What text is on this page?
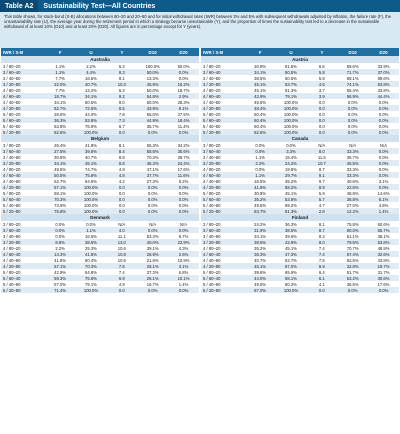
Table A2	Sustainability Test—All Countries
This table shows, for stock-bond (S-B) allocations between 80–20 and 20–80 and for initial withdrawal rates (IWR) between 3% and 5% with subsequent withdrawals adjusted by inflation, the failure rate (F), the unsustainability rate (U), the average year during the retirement period in which a strategy became unsustainable (Y), and the proportion of times the sustainability test led to a decrease in the sustainable withdrawal of at least 10% (D10) and at least 20% (D20). All figures are in percentage except for Y (years).
IWR / S-B	F	U	Y	D10	D20
Australia
3 / 80–20	1.1%	2.2%	5.3	100.0%	50.0%
3 / 60–40	1.1%	4.4%	8.3	50.0%	0.0%
3 / 40–60	7.7%	16.5%	9.1	13.3%	0.0%
3 / 20–80	22.0%	40.7%	10.3	45.9%	16.2%
4 / 80–20	7.7%	13.2%	5.3	50.0%	16.7%
4 / 60–40	18.7%	34.1%	9.2	54.8%	2.9%
4 / 40–60	34.1%	50.5%	9.0	50.0%	28.3%
4 / 20–80	52.7%	72.5%	8.5	43.9%	9.1%
5 / 80–20	28.6%	44.0%	7.8	55.0%	27.5%
5 / 60–40	36.3%	53.8%	7.3	44.9%	18.4%
5 / 40–60	53.8%	76.9%	6.7	35.7%	11.4%
5 / 20–80	62.6%	100.0%	0.0	0.0%	0.0%
Belgium
3 / 80–20	26.4%	41.8%	8.1	55.3%	34.2%
3 / 60–40	27.5%	39.6%	8.4	55.6%	30.6%
3 / 40–60	30.8%	40.7%	8.8	70.3%	29.7%
3 / 20–80	34.1%	45.1%	8.6	46.3%	24.4%
4 / 80–20	49.5%	74.7%	4.9	47.1%	17.6%
4 / 60–40	50.5%	75.8%	4.8	37.7%	11.6%
4 / 40–60	52.7%	84.6%	4.2	27.3%	5.2%
4 / 20–80	57.1%	100.0%	0.0	0.0%	0.0%
5 / 80–20	68.1%	100.0%	0.0	0.0%	0.0%
5 / 60–40	70.3%	100.0%	0.0	0.0%	0.0%
5 / 40–60	73.6%	100.0%	0.0	0.0%	0.0%
5 / 20–80	75.8%	100.0%	0.0	0.0%	0.0%
Denmark
3 / 80–20	0.0%	0.0%	N/A	N/A	N/A
3 / 60–40	0.0%	1.1%	4.0	0.0%	0.0%
3 / 40–60	0.0%	16.5%	11.1	53.3%	6.7%
3 / 20–80	8.8%	38.5%	13.0	40.0%	22.9%
4 / 80–20	2.2%	25.3%	10.6	39.1%	4.3%
4 / 60–40	14.3%	41.8%	10.8	28.9%	2.6%
4 / 40–60	41.8%	60.4%	10.6	21.8%	10.9%
4 / 20–80	57.1%	70.3%	7.5	28.1%	3.1%
5 / 80–20	42.9%	64.8%	7.4	37.3%	6.8%
5 / 60–40	59.3%	75.8%	6.9	26.1%	10.1%
5 / 40–60	67.0%	79.1%	4.9	16.7%	1.4%
5 / 20–80	71.4%	100.0%	0.0	0.0%	0.0%
IWR / S-B	F	U	Y	D10	D20
Austria
3 / 80–20	30.8%	61.5%	6.6	69.6%	33.9%
3 / 60–40	34.1%	50.5%	5.8	71.7%	37.0%
3 / 40–60	38.5%	50.5%	5.8	89.1%	69.6%
3 / 20–80	45.1%	63.7%	4.6	74.1%	63.8%
4 / 80–20	45.1%	81.3%	3.7	55.4%	33.8%
4 / 60–40	42.9%	79.1%	3.9	56.9%	44.4%
4 / 40–60	49.5%	100.0%	0.0	0.0%	0.0%
4 / 20–80	48.4%	100.0%	0.0	0.0%	0.0%
5 / 80–20	60.4%	100.0%	0.0	0.0%	0.0%
5 / 60–40	60.4%	100.0%	0.0	0.0%	0.0%
5 / 40–60	60.4%	100.0%	0.0	0.0%	0.0%
5 / 20–80	62.6%	100.0%	0.0	0.0%	0.0%
Canada
3 / 80–20	0.0%	0.0%	N/A	N/A	N/A
3 / 60–40	0.0%	3.3%	8.0	33.3%	0.0%
3 / 40–60	1.1%	15.4%	11.5	35.7%	0.0%
3 / 20–80	2.2%	24.2%	10.7	45.5%	0.0%
4 / 80–20	0.0%	19.8%	8.7	33.3%	0.0%
4 / 60–40	1.1%	29.7%	9.1	33.3%	0.0%
4 / 40–60	16.5%	35.2%	9.7	40.6%	3.1%
4 / 20–80	41.8%	58.2%	8.9	22.6%	0.0%
5 / 80–20	30.8%	45.1%	5.9	48.8%	14.6%
5 / 60–40	35.2%	53.8%	5.7	36.8%	6.1%
5 / 40–60	49.5%	69.2%	4.7	27.0%	4.8%
5 / 20–80	63.7%	81.3%	2.8	12.2%	1.4%
Finland
3 / 80–20	24.2%	36.3%	8.1	75.8%	60.6%
3 / 60–40	31.9%	38.5%	8.7	80.0%	65.7%
3 / 40–60	34.1%	39.6%	8.3	61.1%	36.1%
3 / 20–80	38.5%	42.9%	8.0	79.5%	53.8%
4 / 80–20	35.2%	45.1%	7.4	70.7%	48.8%
4 / 60–40	36.3%	47.3%	7.4	67.4%	32.6%
4 / 40–60	40.7%	52.7%	7.5	62.5%	43.8%
4 / 20–80	45.1%	67.0%	6.9	32.8%	19.7%
5 / 80–20	39.6%	65.9%	6.4	51.7%	31.7%
5 / 60–40	44.0%	68.1%	6.1	53.2%	30.6%
5 / 40–60	49.5%	80.2%	4.1	36.5%	17.6%
5 / 20–80	67.0%	100.0%	0.0	0.0%	0.0%
